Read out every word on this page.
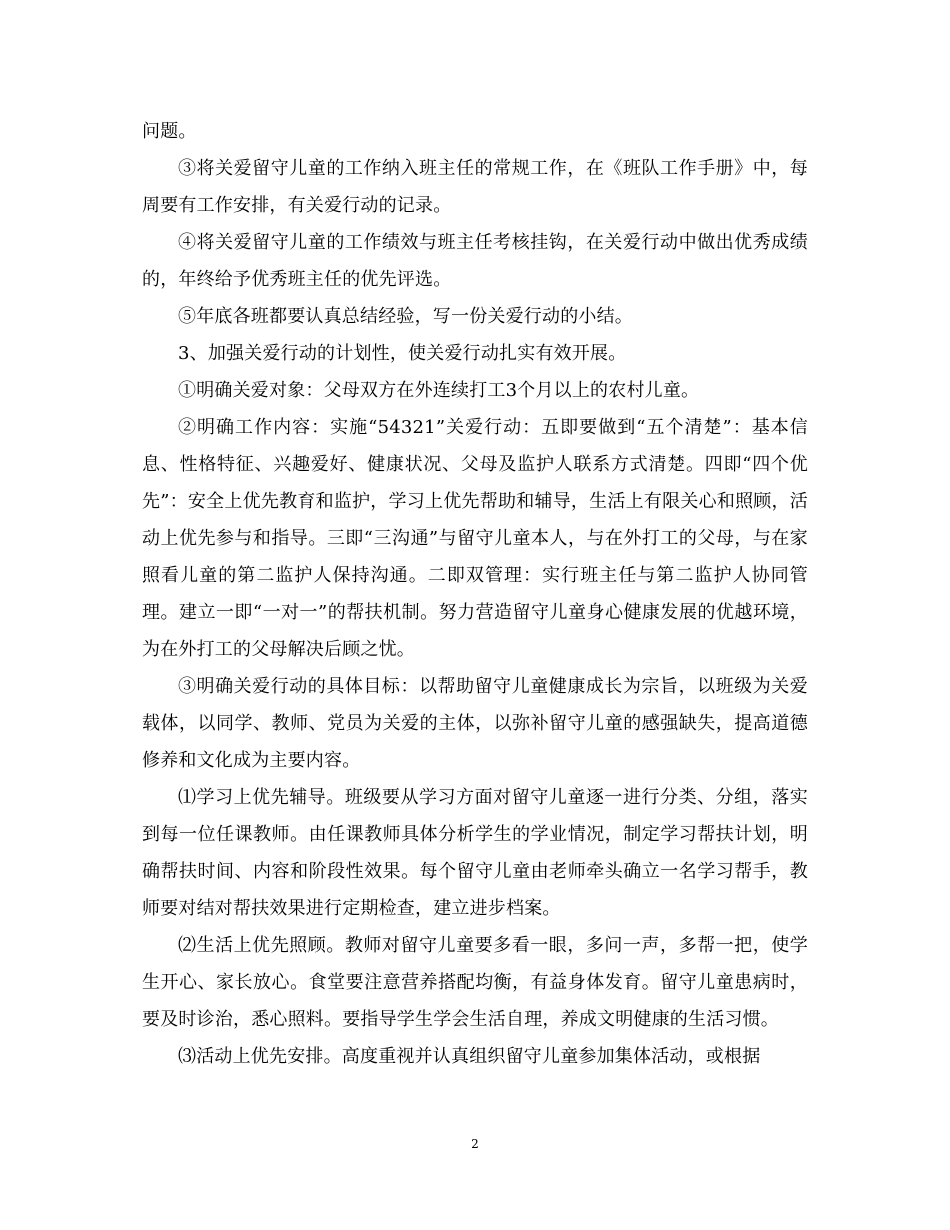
问题。

③将关爱留守儿童的工作纳入班主任的常规工作，在《班队工作手册》中，每周要有工作安排，有关爱行动的记录。

④将关爱留守儿童的工作绩效与班主任考核挂钩，在关爱行动中做出优秀成绩的，年终给予优秀班主任的优先评选。

⑤年底各班都要认真总结经验，写一份关爱行动的小结。

3、加强关爱行动的计划性，使关爱行动扎实有效开展。

①明确关爱对象：父母双方在外连续打工3个月以上的农村儿童。

②明确工作内容：实施“54321”关爱行动：五即要做到“五个清楚”：基本信息、性格特征、兴趣爱好、健康状况、父母及监护人联系方式清楚。四即“四个优先”：安全上优先教育和监护，学习上优先帮助和辅导，生活上有限关心和照顾，活动上优先参与和指导。三即“三沟通”与留守儿童本人，与在外打工的父母，与在家照看儿童的第二监护人保持沟通。二即双管理：实行班主任与第二监护人协同管理。建立一即“一对一”的帮扶机制。努力营造留守儿童身心健康发展的优越环境，为在外打工的父母解决后顾之忧。

③明确关爱行动的具体目标：以帮助留守儿童健康成长为宗旨，以班级为关爱载体，以同学、教师、党员为关爱的主体，以弥补留守儿童的感强缺失，提高道德修养和文化成为主要内容。

⑴学习上优先辅导。班级要从学习方面对留守儿童逐一进行分类、分组，落实到每一位任课教师。由任课教师具体分析学生的学业情况，制定学习帮扶计划，明确帮扶时间、内容和阶段性效果。每个留守儿童由老师牵头确立一名学习帮手，教师要对结对帮扶效果进行定期检查，建立进步档案。

⑵生活上优先照顾。教师对留守儿童要多看一眼，多问一声，多帮一把，使学生开心、家长放心。食堂要注意营养搭配均衡，有益身体发育。留守儿童患病时，要及时诊治，悉心照料。要指导学生学会生活自理，养成文明健康的生活习惯。

⑶活动上优先安排。高度重视并认真组织留守儿童参加集体活动，或根据

2
